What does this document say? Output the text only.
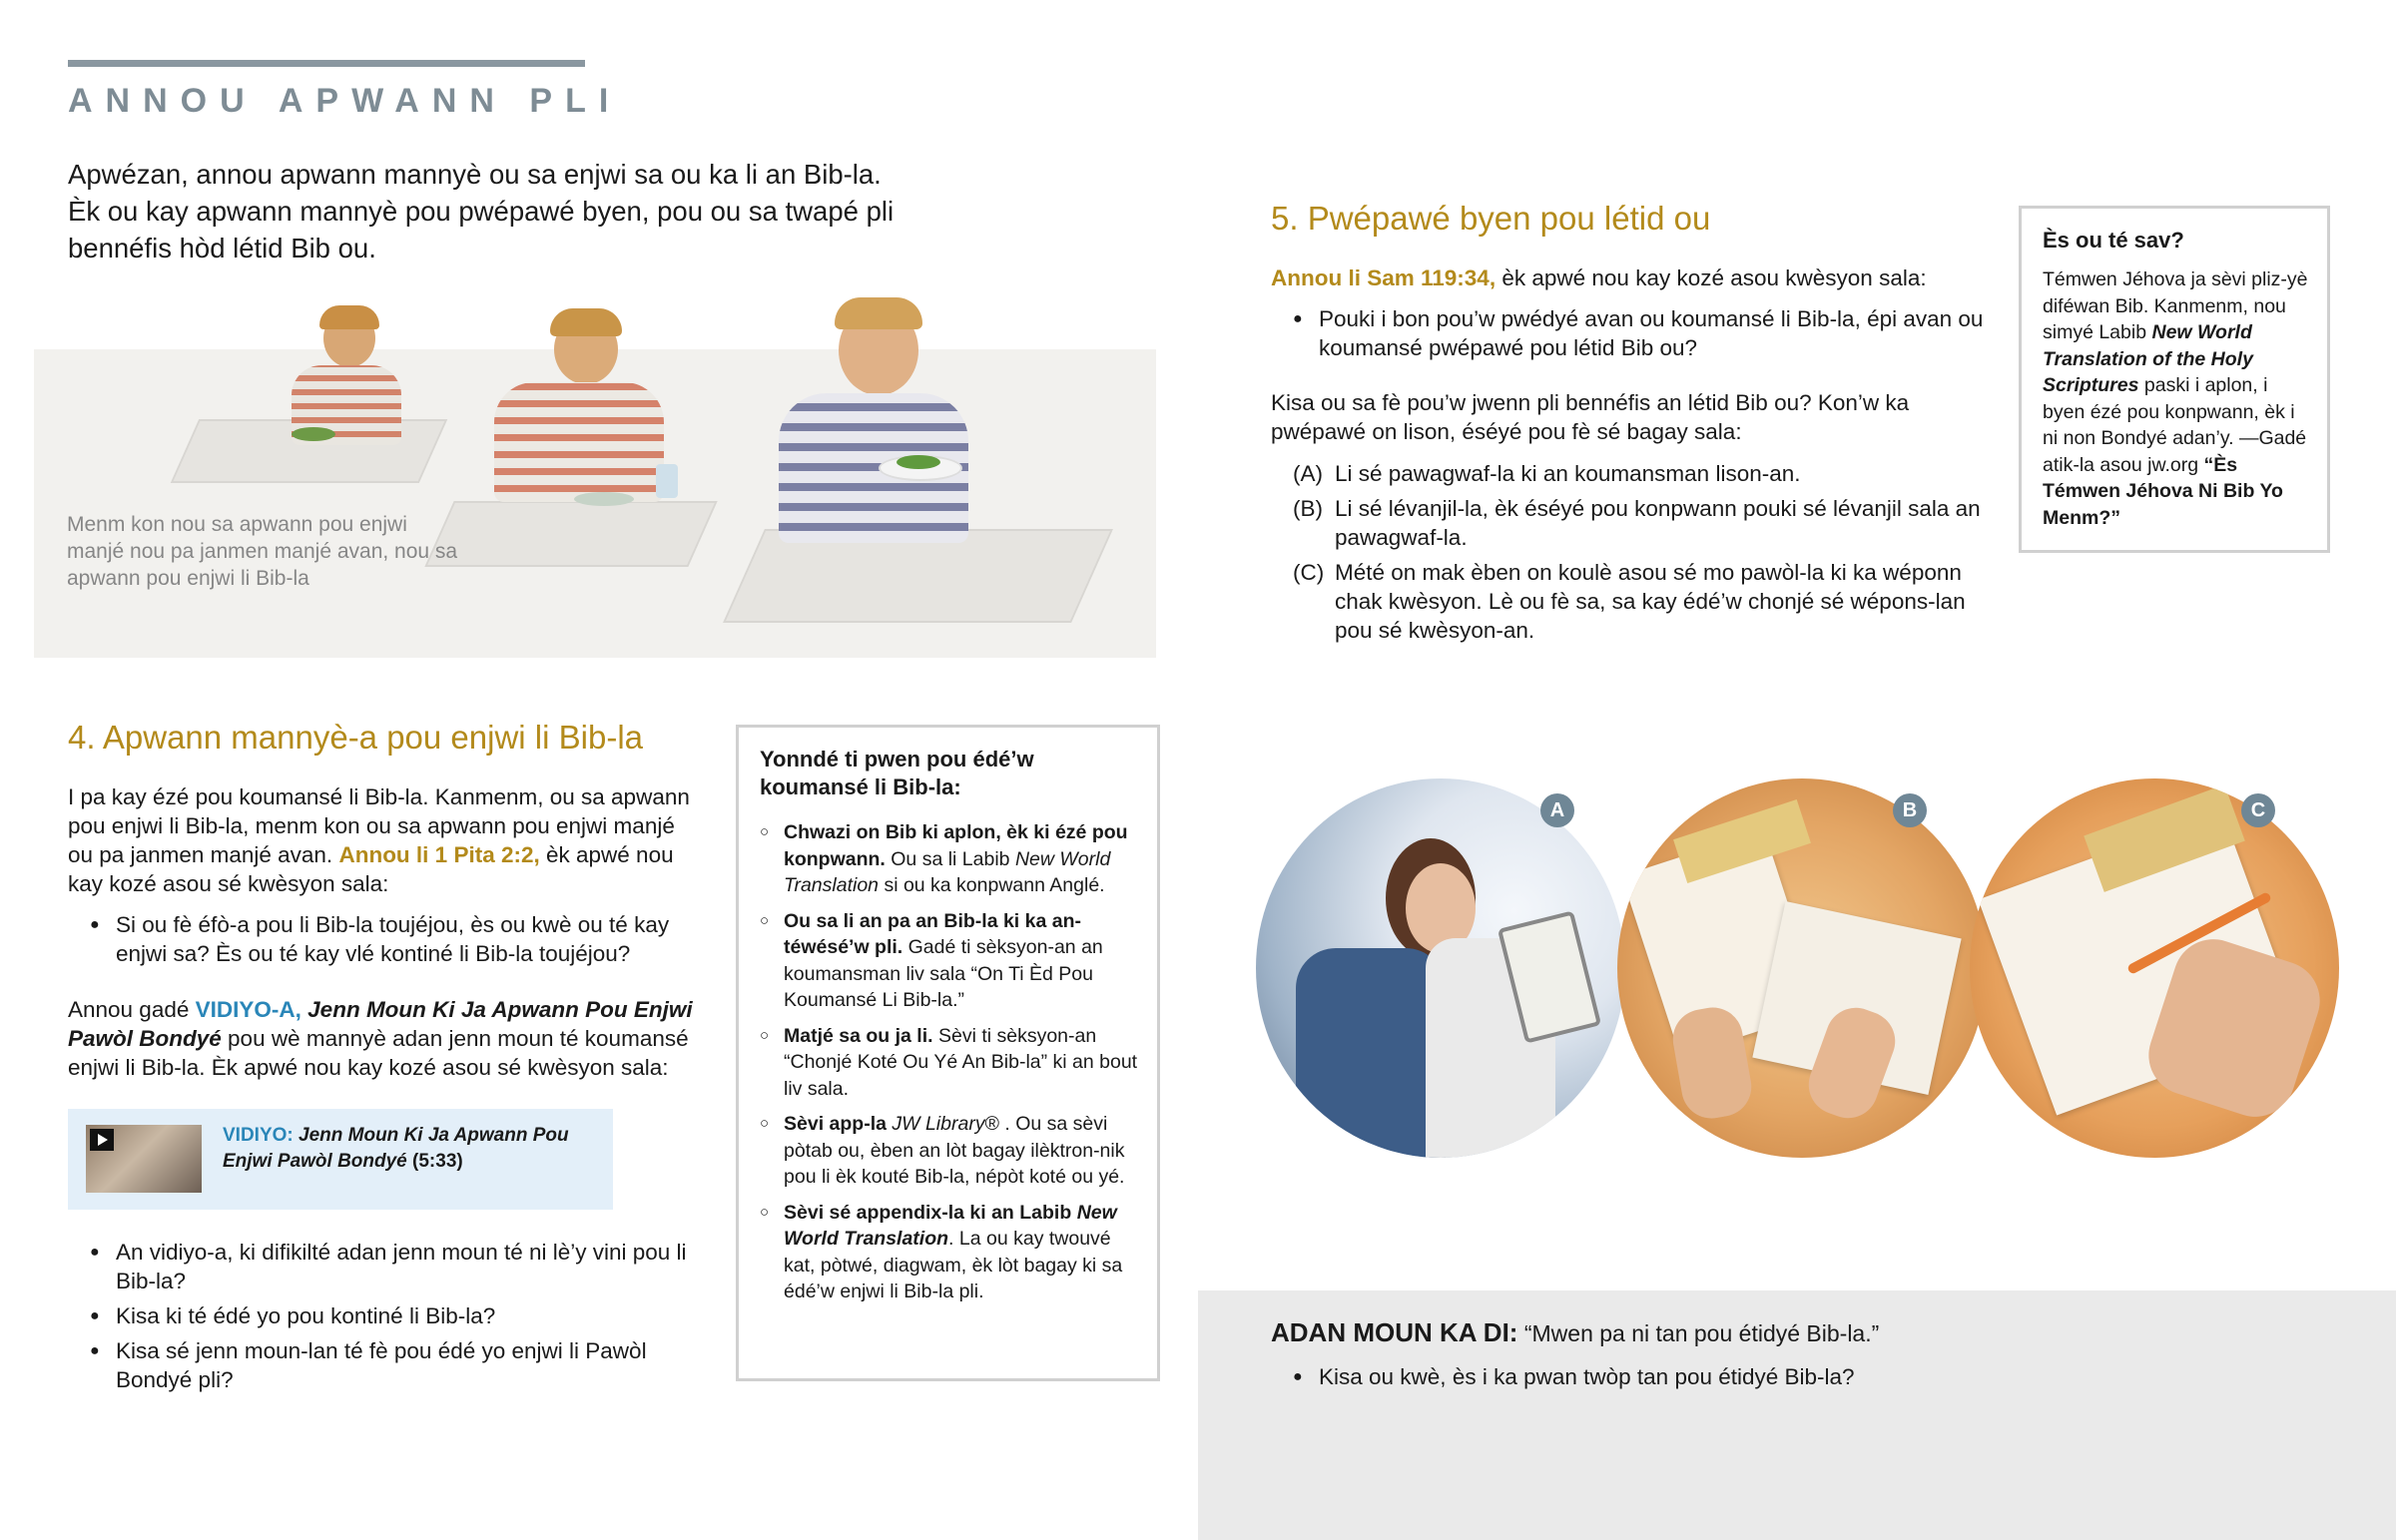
ANNOU APWANN PLI
Apwézan, annou apwann mannyè ou sa enjwi sa ou ka li an Bib-la. Èk ou kay apwann mannyè pou pwépawé byen, pou ou sa twapé pli bennéfis hòd létid Bib ou.
Menm kon nou sa apwann pou enjwi manjé nou pa janmen manjé avan, nou sa apwann pou enjwi li Bib-la
4. Apwann mannyè-a pou enjwi li Bib-la
I pa kay ézé pou koumansé li Bib-la. Kanmenm, ou sa apwann pou enjwi li Bib-la, menm kon ou sa apwann pou enjwi manjé ou pa janmen manjé avan. Annou li 1 Pita 2:2, èk apwé nou kay kozé asou sé kwèsyon sala:
● Si ou fè éfò-a pou li Bib-la toujéjou, ès ou kwè ou té kay enjwi sa? Ès ou té kay vlé kontiné li Bib-la toujéjou?
Annou gadé VIDIYO-A, Jenn Moun Ki Ja Apwann Pou Enjwi Pawòl Bondyé pou wè mannyè adan jenn moun té koumansé enjwi li Bib-la. Èk apwé nou kay kozé asou sé kwèsyon sala:
VIDIYO: Jenn Moun Ki Ja Apwann Pou Enjwi Pawòl Bondyé (5:33)
● An vidiyo-a, ki difikilté adan jenn moun té ni lè’y vini pou li Bib-la?
● Kisa ki té édé yo pou kontiné li Bib-la?
● Kisa sé jenn moun-lan té fè pou édé yo enjwi li Pawòl Bondyé pli?
Yonndé ti pwen pou édé’w koumansé li Bib-la:
○ Chwazi on Bib ki aplon, èk ki ézé pou konpwann. Ou sa li Labib New World Translation si ou ka konpwann Anglé.
○ Ou sa li an pa an Bib-la ki ka an-téwésé’w pli. Gadé ti sèksyon-an an koumansman liv sala “On Ti Èd Pou Koumansé Li Bib-la.”
○ Matjé sa ou ja li. Sèvi ti sèksyon-an “Chonjé Koté Ou Yé An Bib-la” ki an bout liv sala.
○ Sèvi app-la JW Library® . Ou sa sèvi pòtab ou, èben an lòt bagay ilèktron-nik pou li èk kouté Bib-la, népòt koté ou yé.
○ Sèvi sé appendix-la ki an Labib New World Translation. La ou kay twouvé kat, pòtwé, diagwam, èk lòt bagay ki sa édé’w enjwi li Bib-la pli.
5. Pwépawé byen pou létid ou
Annou li Sam 119:34, èk apwé nou kay kozé asou kwèsyon sala:
● Pouki i bon pou’w pwédyé avan ou koumansé li Bib-la, épi avan ou koumansé pwépawé pou létid Bib ou?
Kisa ou sa fè pou’w jwenn pli bennéfis an létid Bib ou? Kon’w ka pwépawé on lison, éséyé pou fè sé bagay sala:
(A) Li sé pawagwaf-la ki an koumansman lison-an.
(B) Li sé lévanjil-la, èk éséyé pou konpwann pouki sé lévanjil sala an pawagwaf-la.
(C) Mété on mak èben on koulè asou sé mo pawòl-la ki ka wéponn chak kwèsyon. Lè ou fè sa, sa kay édé’w chonjé sé wépons-lan pou sé kwèsyon-an.
Ès ou té sav?
Témwen Jéhova ja sèvi pliz-yè diféwan Bib. Kanmenm, nou simyé Labib New World Translation of the Holy Scriptures paski i aplon, i byen ézé pou konpwann, èk i ni non Bondyé adan’y. —Gadé atik-la asou jw.org “Ès Témwen Jéhova Ni Bib Yo Menm?”
A	B	C
ADAN MOUN KA DI: “Mwen pa ni tan pou étidyé Bib-la.”
● Kisa ou kwè, ès i ka pwan twòp tan pou étidyé Bib-la?
